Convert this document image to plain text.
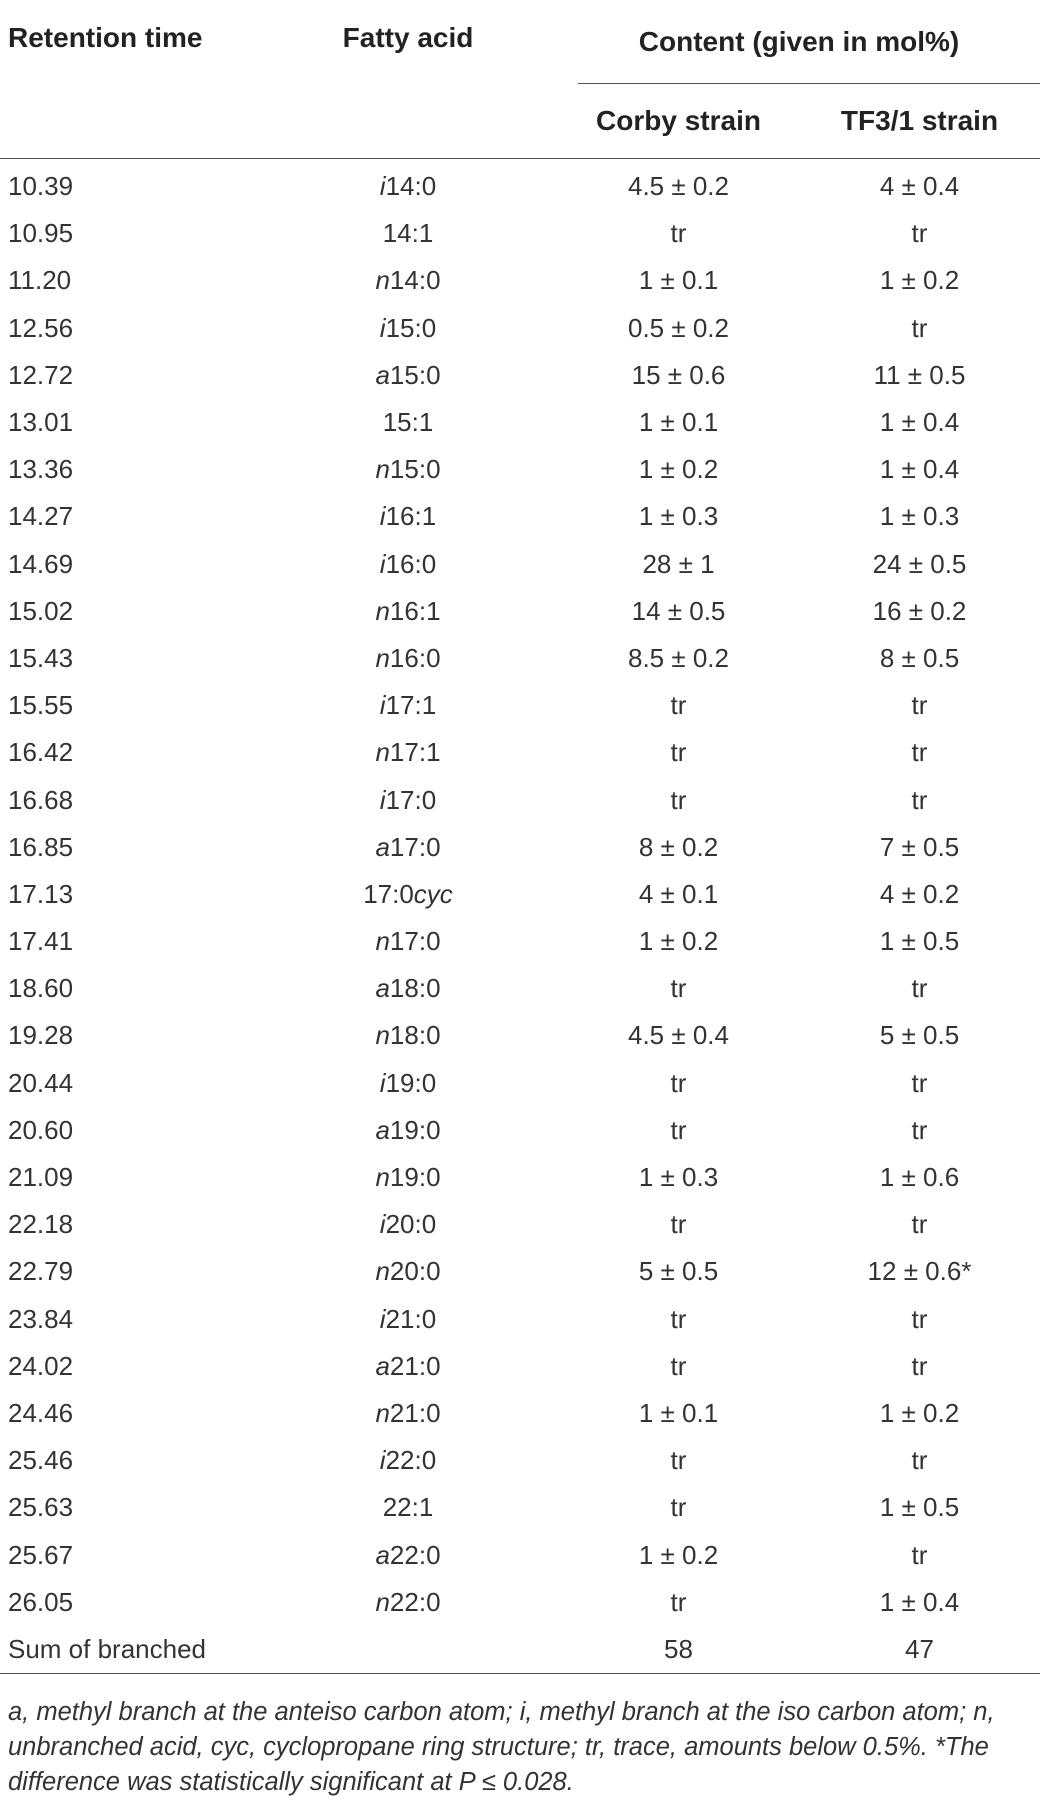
Retention time	Fatty acid	Content (given in mol%)	

		Corby strain	TF3/1 strain
10.39	i14:0	4.5 ± 0.2	4 ± 0.4
10.95	14:1	tr	tr
11.20	n14:0	1 ± 0.1	1 ± 0.2
12.56	i15:0	0.5 ± 0.2	tr
12.72	a15:0	15 ± 0.6	11 ± 0.5
13.01	15:1	1 ± 0.1	1 ± 0.4
13.36	n15:0	1 ± 0.2	1 ± 0.4
14.27	i16:1	1 ± 0.3	1 ± 0.3
14.69	i16:0	28 ± 1	24 ± 0.5
15.02	n16:1	14 ± 0.5	16 ± 0.2
15.43	n16:0	8.5 ± 0.2	8 ± 0.5
15.55	i17:1	tr	tr
16.42	n17:1	tr	tr
16.68	i17:0	tr	tr
16.85	a17:0	8 ± 0.2	7 ± 0.5
17.13	17:0cyc	4 ± 0.1	4 ± 0.2
17.41	n17:0	1 ± 0.2	1 ± 0.5
18.60	a18:0	tr	tr
19.28	n18:0	4.5 ± 0.4	5 ± 0.5
20.44	i19:0	tr	tr
20.60	a19:0	tr	tr
21.09	n19:0	1 ± 0.3	1 ± 0.6
22.18	i20:0	tr	tr
22.79	n20:0	5 ± 0.5	12 ± 0.6*
23.84	i21:0	tr	tr
24.02	a21:0	tr	tr
24.46	n21:0	1 ± 0.1	1 ± 0.2
25.46	i22:0	tr	tr
25.63	22:1	tr	1 ± 0.5
25.67	a22:0	1 ± 0.2	tr
26.05	n22:0	tr	1 ± 0.4
Sum of branched		58	47
a, methyl branch at the anteiso carbon atom; i, methyl branch at the iso carbon atom; n, unbranched acid, cyc, cyclopropane ring structure; tr, trace, amounts below 0.5%. *The difference was statistically significant at P ≤ 0.028.
